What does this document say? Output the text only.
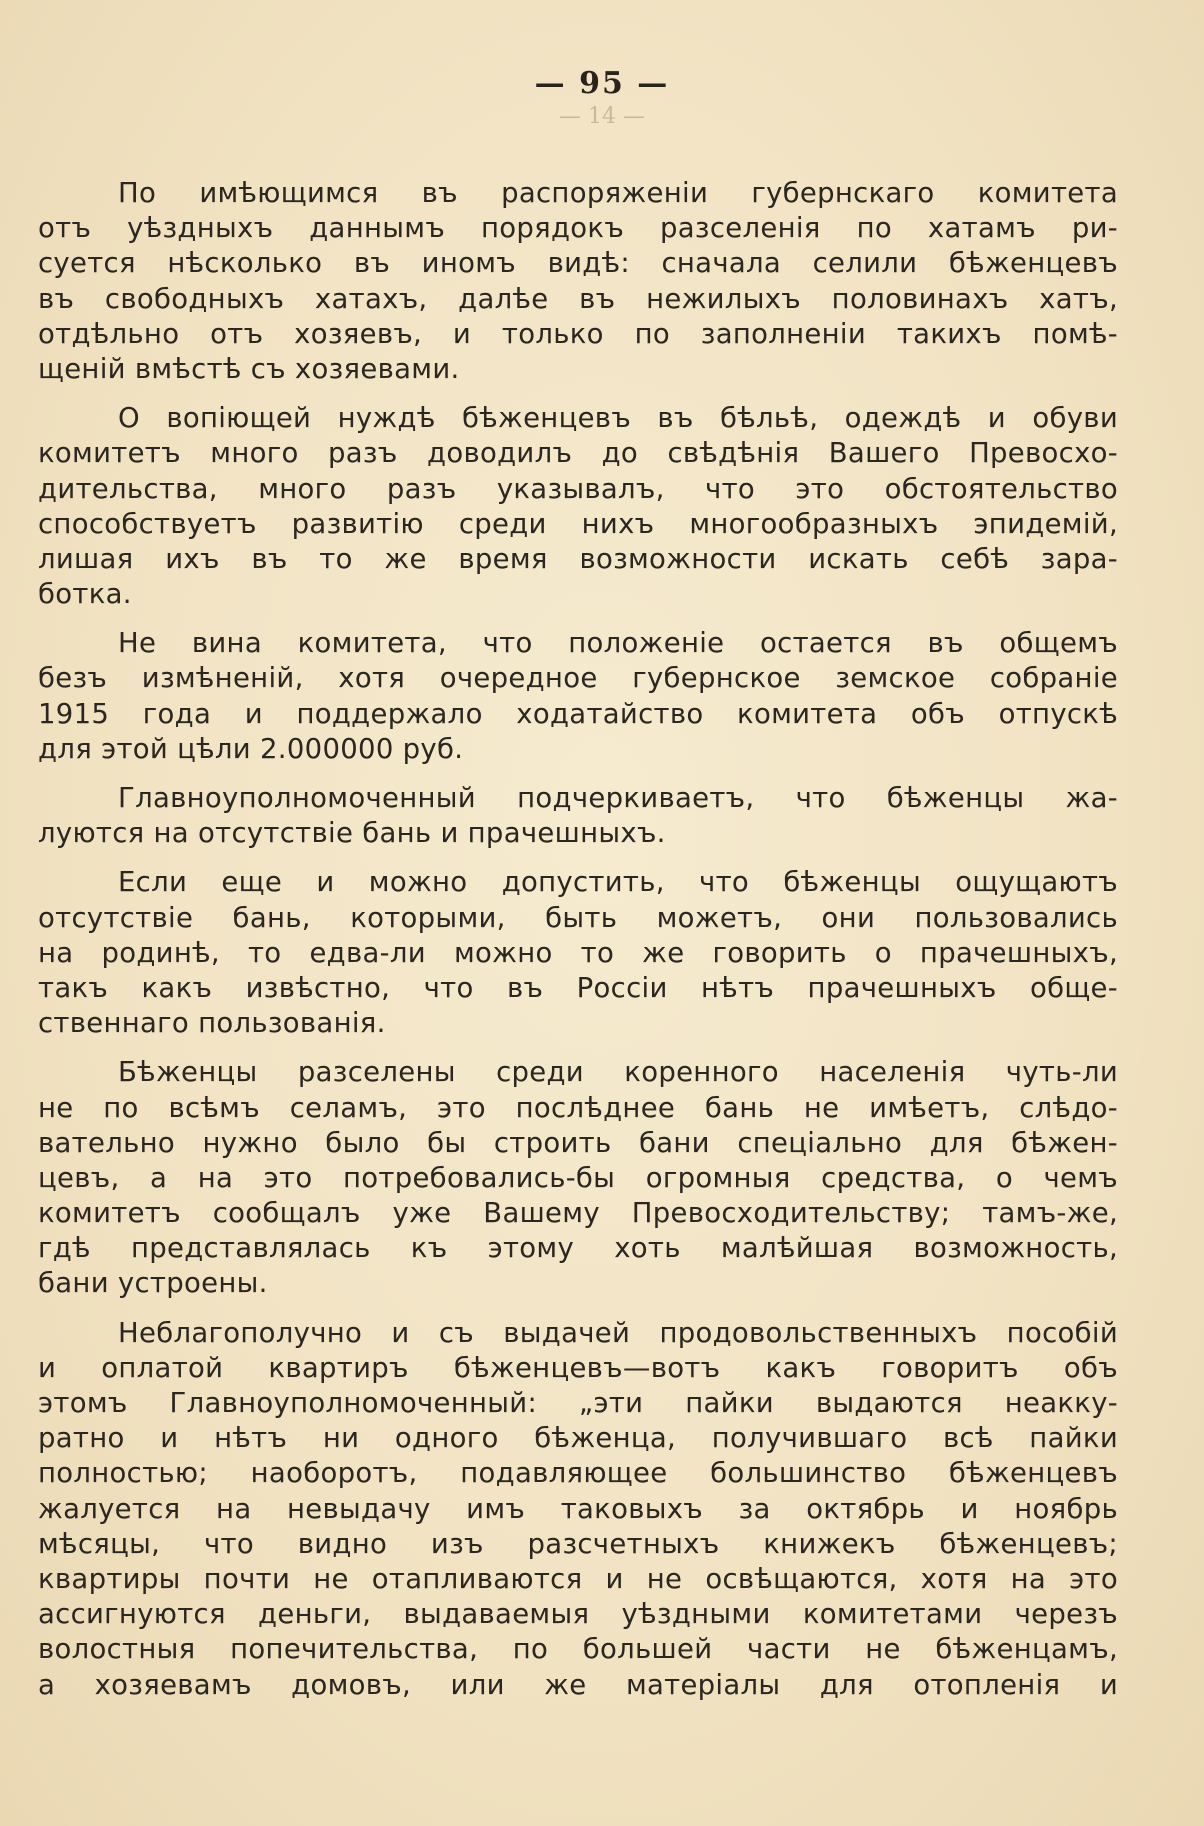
— 95 —
— 14 —
По имѣющимся въ распоряженіи губернскаго комитета
отъ уѣздныхъ даннымъ порядокъ разселенія по хатамъ ри-
суется нѣсколько въ иномъ видѣ: сначала селили бѣженцевъ
въ свободныхъ хатахъ, далѣе въ нежилыхъ половинахъ хатъ,
отдѣльно отъ хозяевъ, и только по заполненіи такихъ помѣ-
щеній вмѣстѣ съ хозяевами.
О вопіющей нуждѣ бѣженцевъ въ бѣльѣ, одеждѣ и обуви
комитетъ много разъ доводилъ до свѣдѣнія Вашего Превосхо-
дительства, много разъ указывалъ, что это обстоятельство
способствуетъ развитію среди нихъ многообразныхъ эпидемій,
лишая ихъ въ то же время возможности искать себѣ зара-
ботка.
Не вина комитета, что положеніе остается въ общемъ
безъ измѣненій, хотя очередное губернское земское собраніе
1915 года и поддержало ходатайство комитета объ отпускѣ
для этой цѣли 2.000000 руб.
Главноуполномоченный подчеркиваетъ, что бѣженцы жа-
луются на отсутствіе бань и прачешныхъ.
Если еще и можно допустить, что бѣженцы ощущаютъ
отсутствіе бань, которыми, быть можетъ, они пользовались
на родинѣ, то едва-ли можно то же говорить о прачешныхъ,
такъ какъ извѣстно, что въ Россіи нѣтъ прачешныхъ обще-
ственнаго пользованія.
Бѣженцы разселены среди коренного населенія чуть-ли
не по всѣмъ селамъ, это послѣднее бань не имѣетъ, слѣдо-
вательно нужно было бы строить бани спеціально для бѣжен-
цевъ, а на это потребовались-бы огромныя средства, о чемъ
комитетъ сообщалъ уже Вашему Превосходительству; тамъ-же,
гдѣ представлялась къ этому хоть малѣйшая возможность,
бани устроены.
Неблагополучно и съ выдачей продовольственныхъ пособій
и оплатой квартиръ бѣженцевъ—вотъ какъ говоритъ объ
этомъ Главноуполномоченный: „эти пайки выдаются неакку-
ратно и нѣтъ ни одного бѣженца, получившаго всѣ пайки
полностью; наоборотъ, подавляющее большинство бѣженцевъ
жалуется на невыдачу имъ таковыхъ за октябрь и ноябрь
мѣсяцы, что видно изъ разсчетныхъ книжекъ бѣженцевъ;
квартиры почти не отапливаются и не освѣщаются, хотя на это
ассигнуются деньги, выдаваемыя уѣздными комитетами черезъ
волостныя попечительства, по большей части не бѣженцамъ,
а хозяевамъ домовъ, или же матеріалы для отопленія и
